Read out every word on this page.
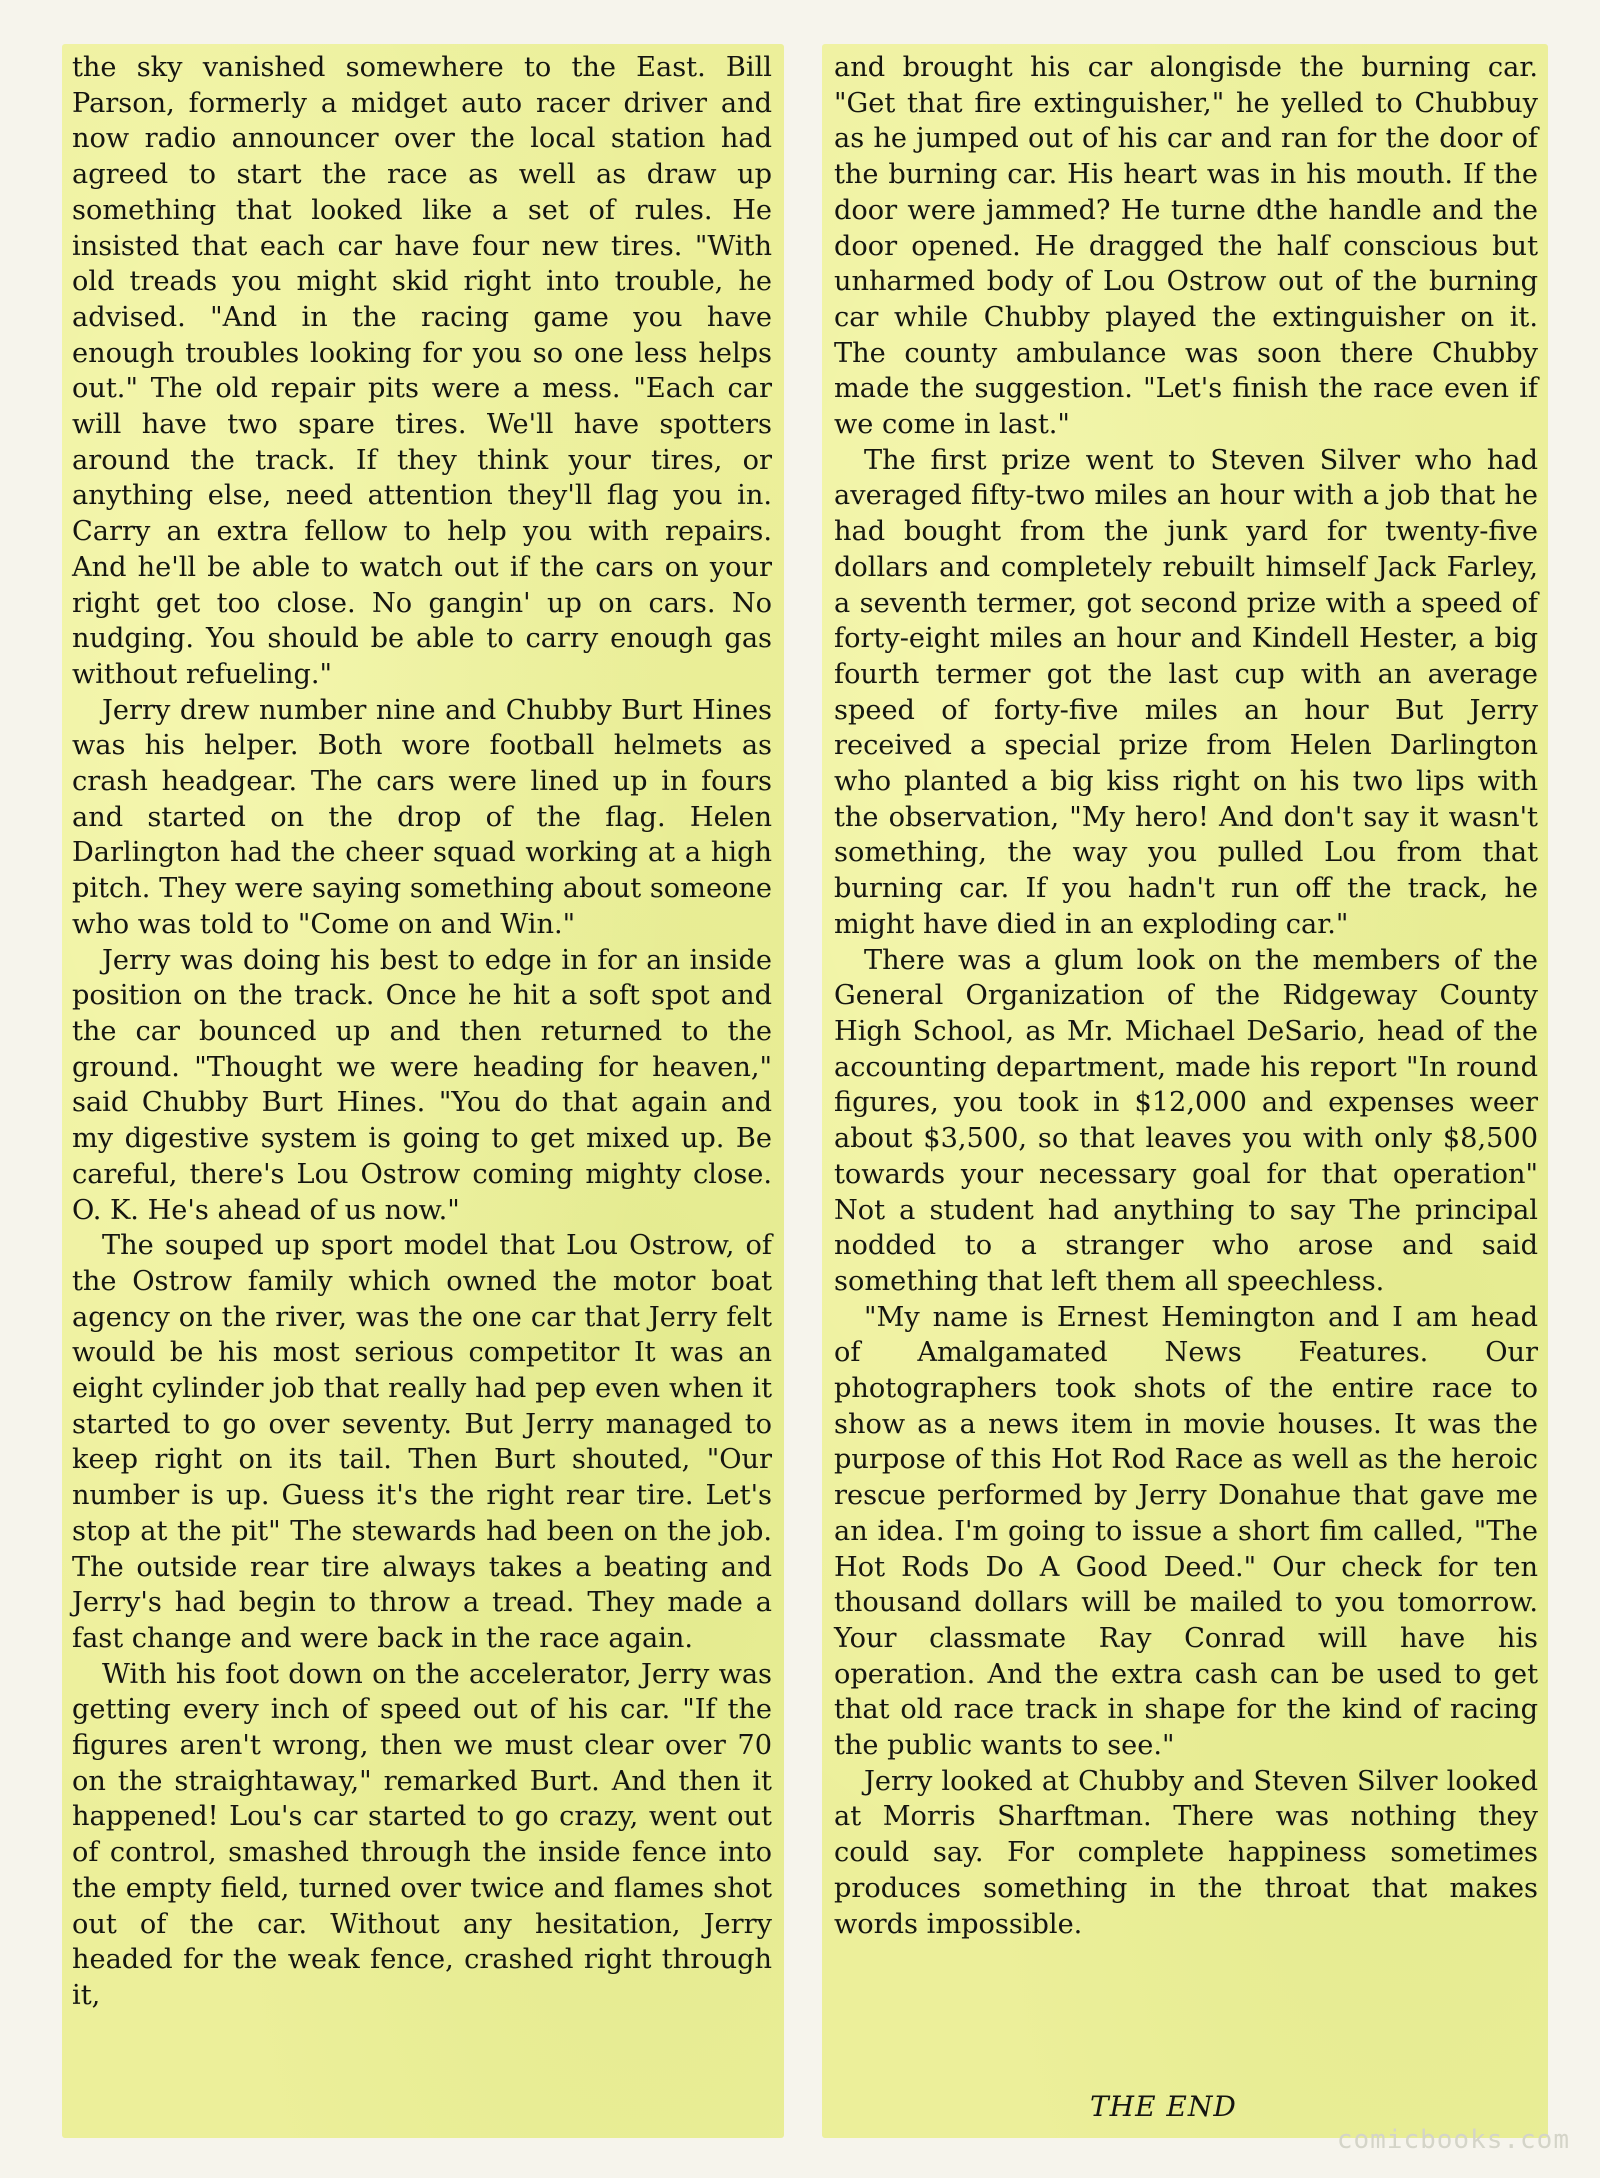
the sky vanished somewhere to the East. Bill Parson, formerly a midget auto racer driver and now radio announcer over the local station had agreed to start the race as well as draw up something that looked like a set of rules. He insisted that each car have four new tires. "With old treads you might skid right into trouble, he advised. "And in the racing game you have enough troubles looking for you so one less helps out." The old repair pits were a mess. "Each car will have two spare tires. We'll have spotters around the track. If they think your tires, or anything else, need attention they'll flag you in. Carry an extra fellow to help you with repairs. And he'll be able to watch out if the cars on your right get too close. No gangin' up on cars. No nudging. You should be able to carry enough gas without refueling."

Jerry drew number nine and Chubby Burt Hines was his helper. Both wore football helmets as crash headgear. The cars were lined up in fours and started on the drop of the flag. Helen Darlington had the cheer squad working at a high pitch. They were saying something about someone who was told to "Come on and Win."

Jerry was doing his best to edge in for an inside position on the track. Once he hit a soft spot and the car bounced up and then returned to the ground. "Thought we were heading for heaven," said Chubby Burt Hines. "You do that again and my digestive system is going to get mixed up. Be careful, there's Lou Ostrow coming mighty close. O. K. He's ahead of us now."

The souped up sport model that Lou Ostrow, of the Ostrow family which owned the motor boat agency on the river, was the one car that Jerry felt would be his most serious competitor It was an eight cylinder job that really had pep even when it started to go over seventy. But Jerry managed to keep right on its tail. Then Burt shouted, "Our number is up. Guess it's the right rear tire. Let's stop at the pit" The stewards had been on the job. The outside rear tire always takes a beating and Jerry's had begin to throw a tread. They made a fast change and were back in the race again.

With his foot down on the accelerator, Jerry was getting every inch of speed out of his car. "If the figures aren't wrong, then we must clear over 70 on the straightaway," remarked Burt. And then it happened! Lou's car started to go crazy, went out of control, smashed through the inside fence into the empty field, turned over twice and flames shot out of the car. Without any hesitation, Jerry headed for the weak fence, crashed right through it,

and brought his car alongisde the burning car. "Get that fire extinguisher," he yelled to Chubbuy as he jumped out of his car and ran for the door of the burning car. His heart was in his mouth. If the door were jammed? He turne dthe handle and the door opened. He dragged the half conscious but unharmed body of Lou Ostrow out of the burning car while Chubby played the extinguisher on it. The county ambulance was soon there Chubby made the suggestion. "Let's finish the race even if we come in last."

The first prize went to Steven Silver who had averaged fifty-two miles an hour with a job that he had bought from the junk yard for twenty-five dollars and completely rebuilt himself Jack Farley, a seventh termer, got second prize with a speed of forty-eight miles an hour and Kindell Hester, a big fourth termer got the last cup with an average speed of forty-five miles an hour But Jerry received a special prize from Helen Darlington who planted a big kiss right on his two lips with the observation, "My hero! And don't say it wasn't something, the way you pulled Lou from that burning car. If you hadn't run off the track, he might have died in an exploding car."

There was a glum look on the members of the General Organization of the Ridgeway County High School, as Mr. Michael DeSario, head of the accounting department, made his report "In round figures, you took in $12,000 and expenses weer about $3,500, so that leaves you with only $8,500 towards your necessary goal for that operation" Not a student had anything to say The principal nodded to a stranger who arose and said something that left them all speechless.

"My name is Ernest Hemington and I am head of Amalgamated News Features. Our photographers took shots of the entire race to show as a news item in movie houses. It was the purpose of this Hot Rod Race as well as the heroic rescue performed by Jerry Donahue that gave me an idea. I'm going to issue a short fim called, "The Hot Rods Do A Good Deed." Our check for ten thousand dollars will be mailed to you tomorrow. Your classmate Ray Conrad will have his operation. And the extra cash can be used to get that old race track in shape for the kind of racing the public wants to see."

Jerry looked at Chubby and Steven Silver looked at Morris Sharftman. There was nothing they could say. For complete happiness sometimes produces something in the throat that makes words impossible.

THE END
comicbooks.com
